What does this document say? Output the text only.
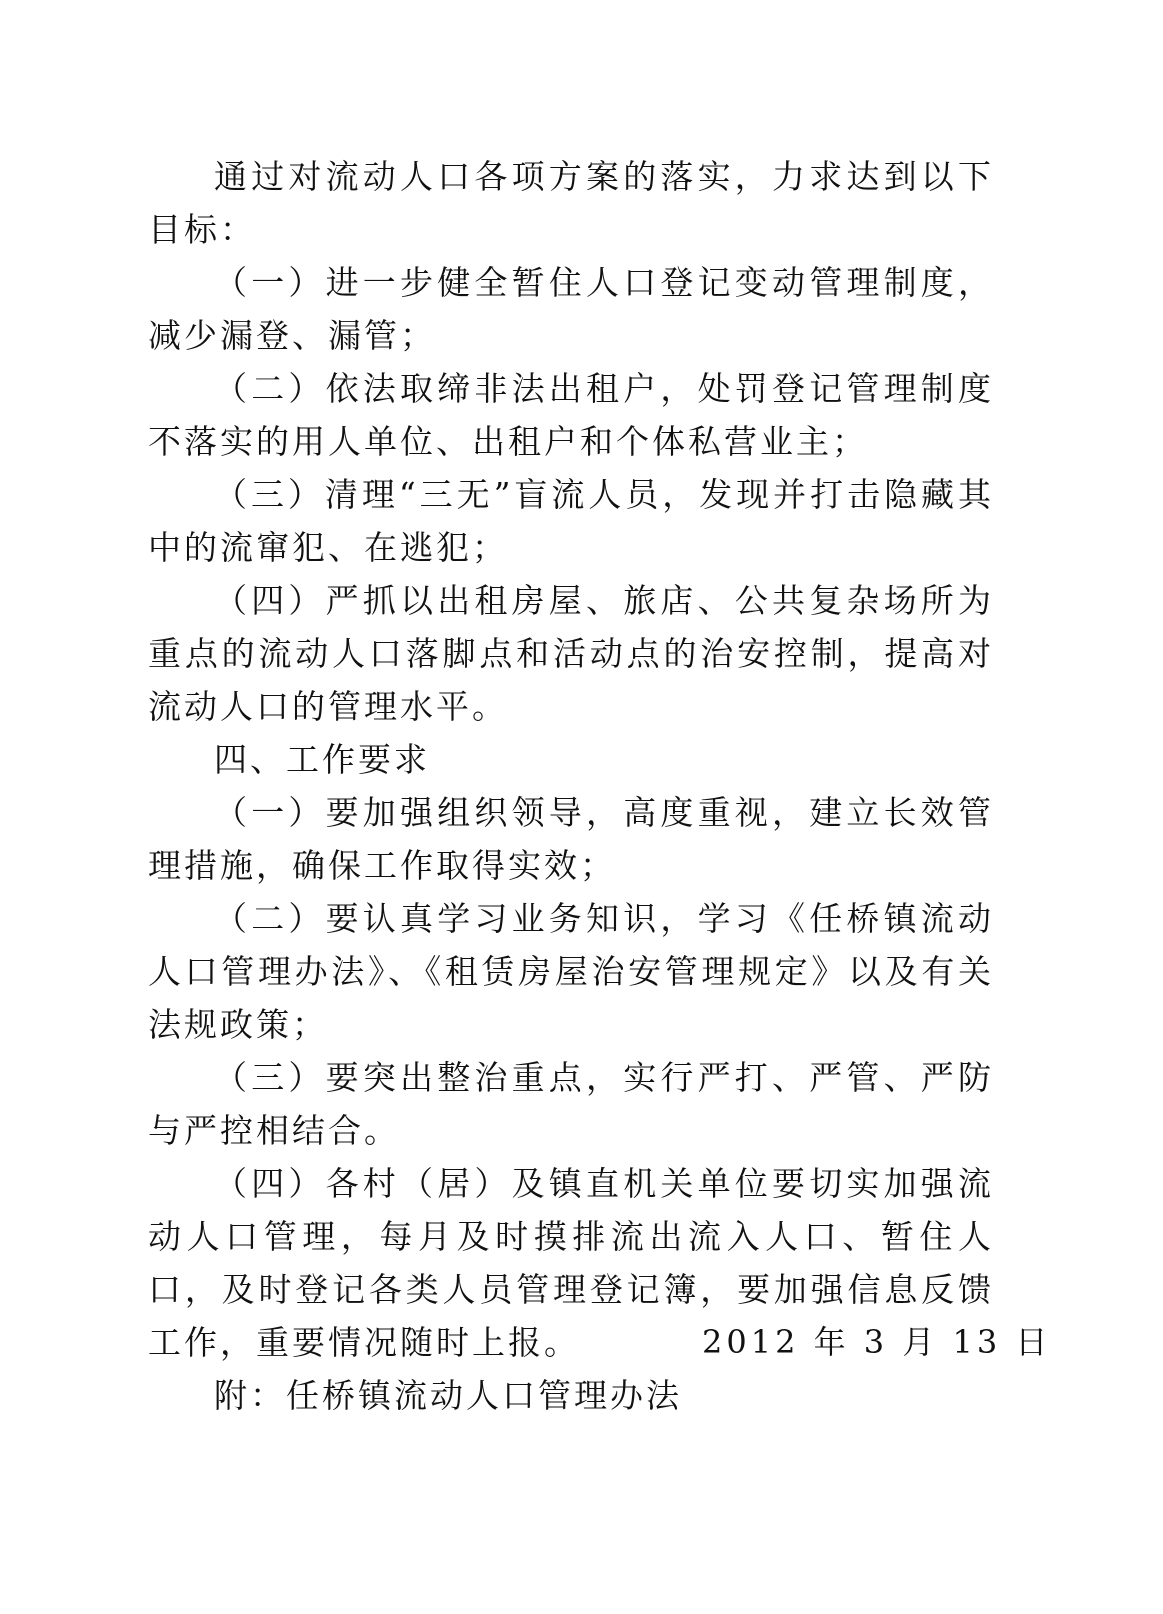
通过对流动人口各项方案的落实，力求达到以下目标：

（一）进一步健全暂住人口登记变动管理制度，减少漏登、漏管；

（二）依法取缔非法出租户，处罚登记管理制度不落实的用人单位、出租户和个体私营业主；

（三）清理“三无”盲流人员，发现并打击隐藏其中的流窜犯、在逃犯；

（四）严抓以出租房屋、旅店、公共复杂场所为重点的流动人口落脚点和活动点的治安控制，提高对流动人口的管理水平。

四、工作要求

（一）要加强组织领导，高度重视，建立长效管理措施，确保工作取得实效；

（二）要认真学习业务知识，学习《任桥镇流动人口管理办法》、《租赁房屋治安管理规定》以及有关法规政策；

（三）要突出整治重点，实行严打、严管、严防与严控相结合。

（四）各村（居）及镇直机关单位要切实加强流动人口管理，每月及时摸排流出流入人口、暂住人口，及时登记各类人员管理登记簿，要加强信息反馈工作，重要情况随时上报。

附：任桥镇流动人口管理办法

2012 年 3 月 13 日
